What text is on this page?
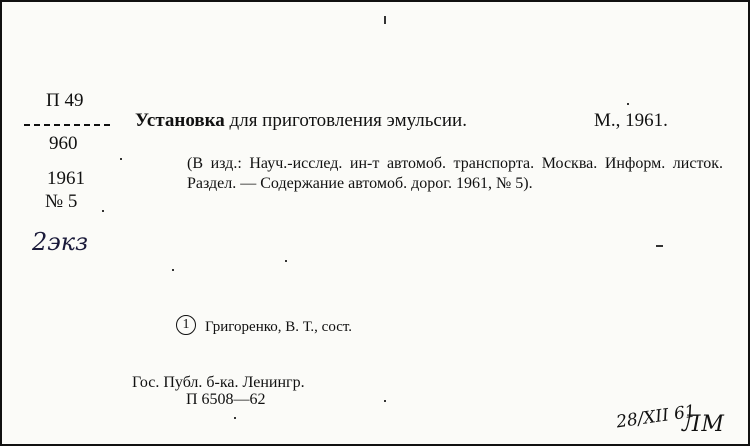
П 49
960
1961
№ 5
2экз
Установка для приготовления эмульсии.	М., 1961.
(В изд.: Науч.-исслед. ин-т автомоб. транспорта. Москва. Информ. листок. Раздел. — Содержание автомоб. дорог. 1961, № 5).
1	Григоренко, В. Т., сост.
Гос. Публ. б-ка. Ленингр.
П 6508—62
28/XII 61
ЛМ
